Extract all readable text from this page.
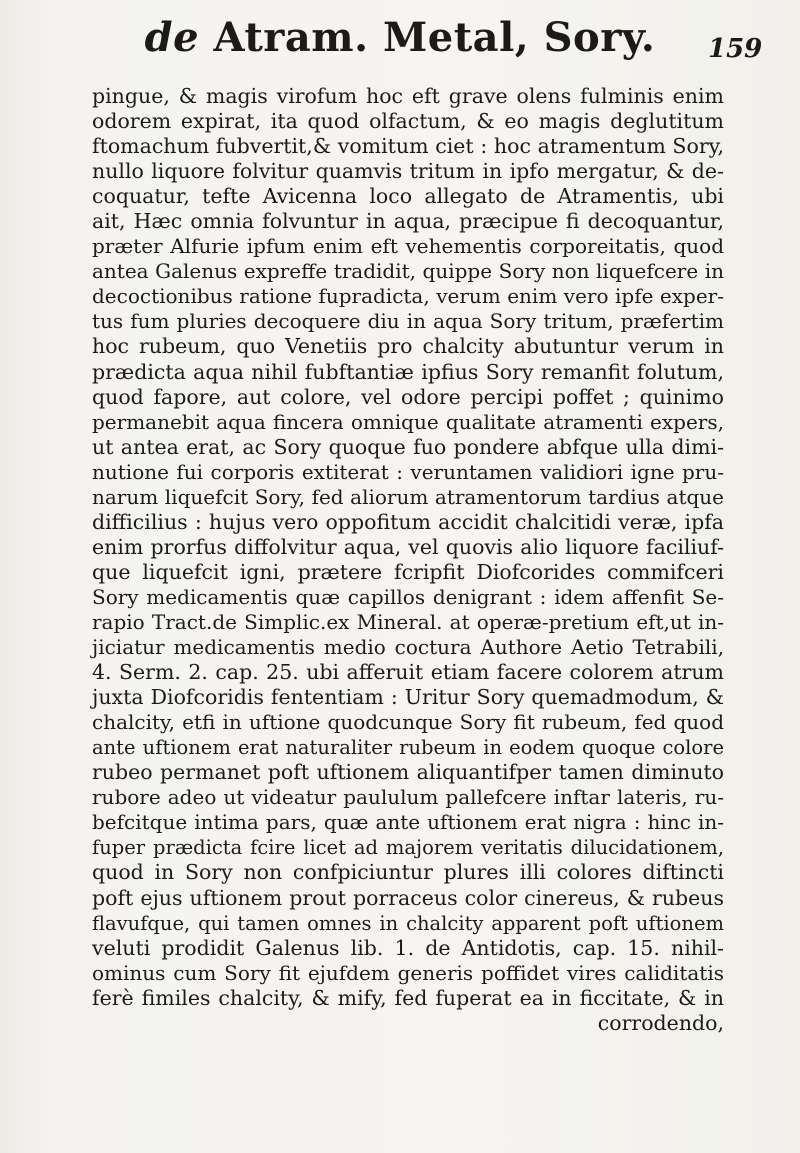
de Atram. Metal, Sory.	159
pingue, & magis virofum hoc eft grave olens fulminis enim
odorem expirat, ita quod olfactum, & eo magis deglutitum
ftomachum fubvertit,& vomitum ciet : hoc atramentum Sory,
nullo liquore folvitur quamvis tritum in ipfo mergatur, & de-
coquatur, tefte Avicenna loco allegato de Atramentis, ubi
ait, Hæc omnia folvuntur in aqua, præcipue fi decoquantur,
præter Alfurie ipfum enim eft vehementis corporeitatis, quod
antea Galenus expreffe tradidit, quippe Sory non liquefcere in
decoctionibus ratione fupradicta, verum enim vero ipfe exper-
tus fum pluries decoquere diu in aqua Sory tritum, præfertim
hoc rubeum, quo Venetiis pro chalcity abutuntur verum in
prædicta aqua nihil fubftantiæ ipfius Sory remanfit folutum,
quod fapore, aut colore, vel odore percipi poffet ; quinimo
permanebit aqua fincera omnique qualitate atramenti expers,
ut antea erat, ac Sory quoque fuo pondere abfque ulla dimi-
nutione fui corporis extiterat : veruntamen validiori igne pru-
narum liquefcit Sory, fed aliorum atramentorum tardius atque
difficilius : hujus vero oppofitum accidit chalcitidi veræ, ipfa
enim prorfus diffolvitur aqua, vel quovis alio liquore faciliuf-
que liquefcit igni, prætere fcripfit Diofcorides commifceri
Sory medicamentis quæ capillos denigrant : idem affenfit Se-
rapio Tract.de Simplic.ex Mineral. at operæ-pretium eft,ut in-
jiciatur medicamentis medio coctura Authore Aetio Tetrabili,
4. Serm. 2. cap. 25. ubi afferuit etiam facere colorem atrum
juxta Diofcoridis fententiam : Uritur Sory quemadmodum, &
chalcity, etfi in uftione quodcunque Sory fit rubeum, fed quod
ante uftionem erat naturaliter rubeum in eodem quoque colore
rubeo permanet poft uftionem aliquantifper tamen diminuto
rubore adeo ut videatur paululum pallefcere inftar lateris, ru-
befcitque intima pars, quæ ante uftionem erat nigra : hinc in-
fuper prædicta fcire licet ad majorem veritatis dilucidationem,
quod in Sory non confpiciuntur plures illi colores diftincti
poft ejus uftionem prout porraceus color cinereus, & rubeus
flavufque, qui tamen omnes in chalcity apparent poft uftionem
veluti prodidit Galenus lib. 1. de Antidotis, cap. 15. nihil-
ominus cum Sory fit ejufdem generis poffidet vires caliditatis
ferè fimiles chalcity, & mify, fed fuperat ea in ficcitate, & in
corrodendo,
